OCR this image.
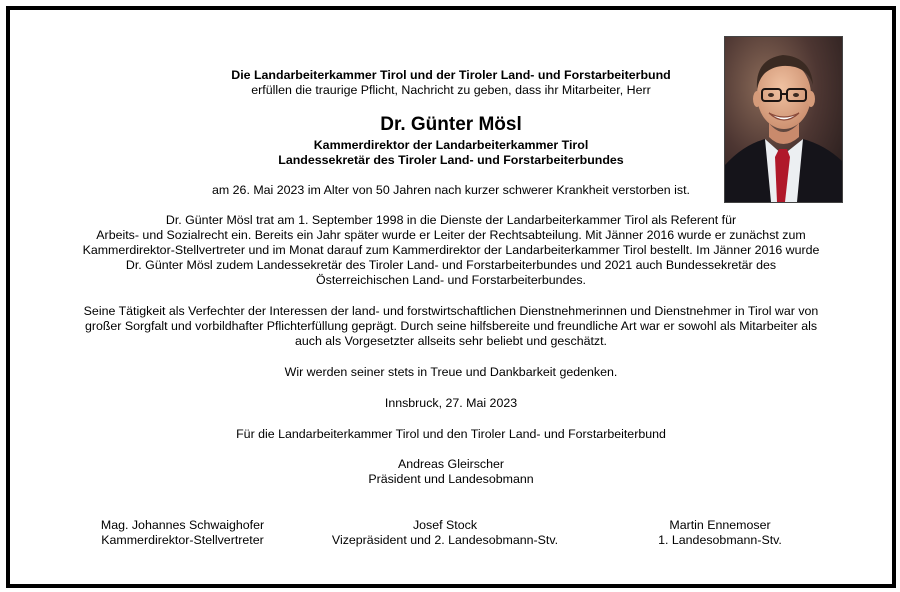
Die Landarbeiterkammer Tirol und der Tiroler Land- und Forstarbeiterbund
erfüllen die traurige Pflicht, Nachricht zu geben, dass ihr Mitarbeiter, Herr
Dr. Günter Mösl
Kammerdirektor der Landarbeiterkammer Tirol
Landessekretär des Tiroler Land- und Forstarbeiterbundes
am 26. Mai 2023 im Alter von 50 Jahren nach kurzer schwerer Krankheit verstorben ist.
Dr. Günter Mösl trat am 1. September 1998 in die Dienste der Landarbeiterkammer Tirol als Referent für
Arbeits- und Sozialrecht ein. Bereits ein Jahr später wurde er Leiter der Rechtsabteilung. Mit Jänner 2016 wurde er zunächst zum
Kammerdirektor-Stellvertreter und im Monat darauf zum Kammerdirektor der Landarbeiterkammer Tirol bestellt. Im Jänner 2016 wurde
Dr. Günter Mösl zudem Landessekretär des Tiroler Land- und Forstarbeiterbundes und 2021 auch Bundessekretär des
Österreichischen Land- und Forstarbeiterbundes.
Seine Tätigkeit als Verfechter der Interessen der land- und forstwirtschaftlichen Dienstnehmerinnen und Dienstnehmer in Tirol war von
großer Sorgfalt und vorbildhafter Pflichterfüllung geprägt. Durch seine hilfsbereite und freundliche Art war er sowohl als Mitarbeiter als
auch als Vorgesetzter allseits sehr beliebt und geschätzt.
Wir werden seiner stets in Treue und Dankbarkeit gedenken.
Innsbruck, 27. Mai 2023
Für die Landarbeiterkammer Tirol und den Tiroler Land- und Forstarbeiterbund
Andreas Gleirscher
Präsident und Landesobmann
Mag. Johannes Schwaighofer
Kammerdirektor-Stellvertreter
Josef Stock
Vizepräsident und 2. Landesobmann-Stv.
Martin Ennemoser
1. Landesobmann-Stv.
